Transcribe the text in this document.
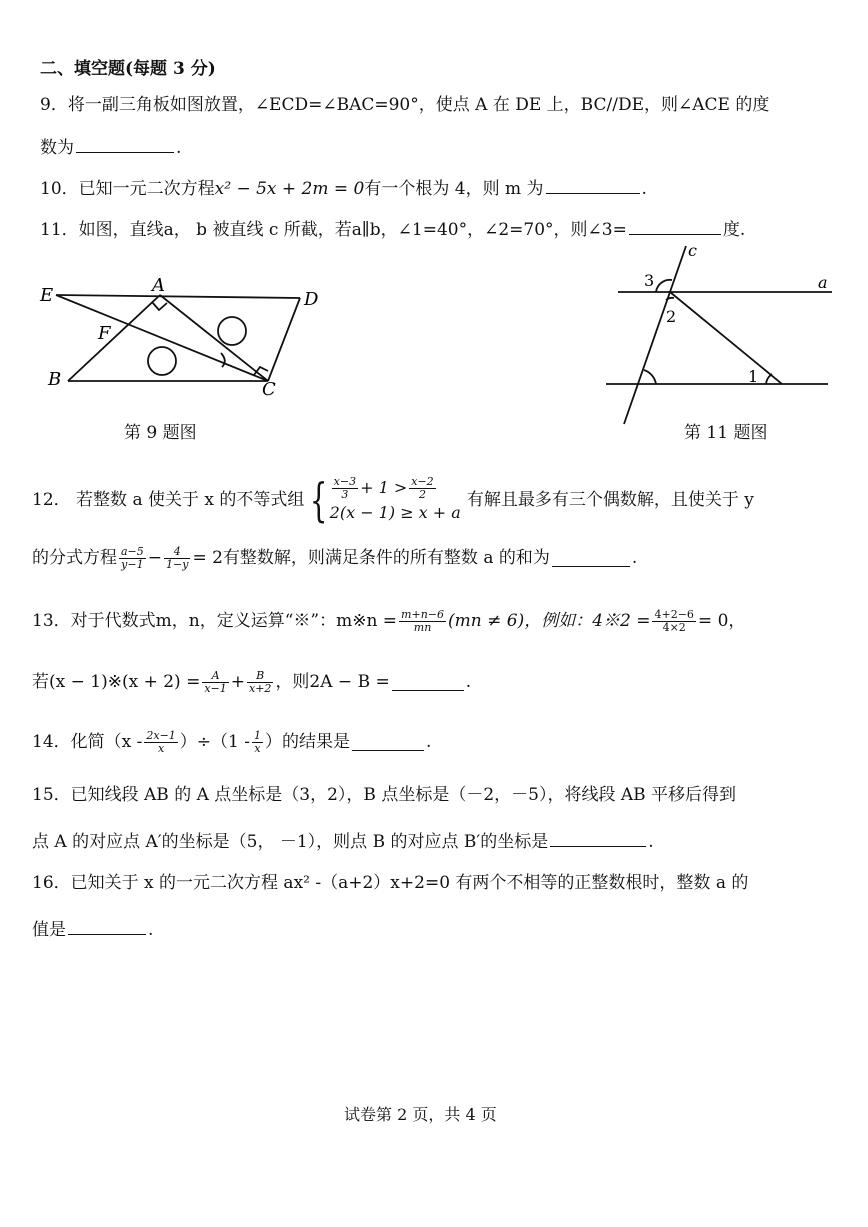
二、填空题(每题 3 分)
9．将一副三角板如图放置，∠ECD=∠BAC=90°，使点 A 在 DE 上，BC//DE，则∠ACE 的度
数为	.
10．已知一元二次方程x² − 5x + 2m = 0有一个根为 4，则 m 为	.
11．如图，直线a， b 被直线 c 所截，若a∥b，∠1=40°，∠2=70°，则∠3=	度.
E	A
D
F
B	C
第 9 题图
c
a
3
2
1
第 11 题图
12． 若整数 a 使关于 x 的不等式组 { $\frac{x-3}{3} + 1 > \frac{x-2}{2}$
2(x − 1) ≥ x + a
有解且最多有三个偶数解，且使关于 y
的分式方程 $\frac{a-5}{y-1} - \frac{4}{1-y} = 2$有整数解，则满足条件的所有整数 a 的和为	.
13．对于代数式m，n，定义运算“※”：m※n = $\frac{m+n-6}{mn} (mn \ne 6)$，例如：4※2 = $\frac{4+2-6}{4\times 2} = 0$，
若(x − 1)※(x + $2) = \frac{A}{x-1} + \frac{B}{x+2}$ ，则2A − B =	.
14．化简$(x - \frac{2x-1}{x} )\div(1 - \frac{1}{x}$ ）的结果是	.
15．已知线段 AB 的 A 点坐标是（3，2），B 点坐标是（－2，－5），将线段 AB 平移后得到
点 A 的对应点 A′的坐标是（5， －1），则点 B 的对应点 B′的坐标是	.
16．已知关于 x 的一元二次方程 ax² -（a+2）x+2=0 有两个不相等的正整数根时，整数 a 的
值是	.
试卷第 2 页，共 4 页
